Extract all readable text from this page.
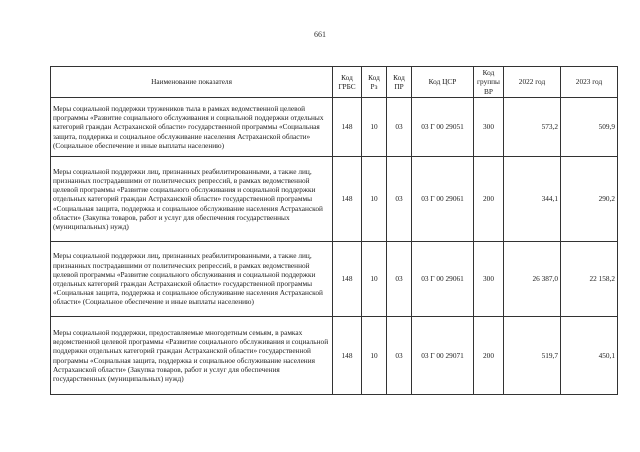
661
Наименование показателя	Код ГРБС	Код Рз	Код ПР	Код ЦСР	Код группы ВР	2022 год	2023 год
Меры социальной поддержки тружеников тыла в рамках ведомственной целевой программы «Развитие социального обслуживания и социальной поддержки отдельных категорий граждан Астраханской области» государственной программы «Социальная защита, поддержка и социальное обслуживание населения Астраханской области» (Социальное обеспечение и иные выплаты населению)	148	10	03	03 Г 00 29051	300	573,2	509,9
Меры социальной поддержки лиц, признанных реабилитированными, а также лиц, признанных пострадавшими от политических репрессий, в рамках ведомственной целевой программы «Развитие социального обслуживания и социальной поддержки отдельных категорий граждан Астраханской области» государственной программы «Социальная защита, поддержка и социальное обслуживание населения Астраханской области» (Закупка товаров, работ и услуг для обеспечения государственных (муниципальных) нужд)	148	10	03	03 Г 00 29061	200	344,1	290,2
Меры социальной поддержки лиц, признанных реабилитированными, а также лиц, признанных пострадавшими от политических репрессий, в рамках ведомственной целевой программы «Развитие социального обслуживания и социальной поддержки отдельных категорий граждан Астраханской области» государственной программы «Социальная защита, поддержка и социальное обслуживание населения Астраханской области» (Социальное обеспечение и иные выплаты населению)	148	10	03	03 Г 00 29061	300	26 387,0	22 158,2
Меры социальной поддержки, предоставляемые многодетным семьям, в рамках ведомственной целевой программы «Развитие социального обслуживания и социальной поддержки отдельных категорий граждан Астраханской области» государственной программы «Социальная защита, поддержка и социальное обслуживание населения Астраханской области» (Закупка товаров, работ и услуг для обеспечения государственных (муниципальных) нужд)	148	10	03	03 Г 00 29071	200	519,7	450,1
